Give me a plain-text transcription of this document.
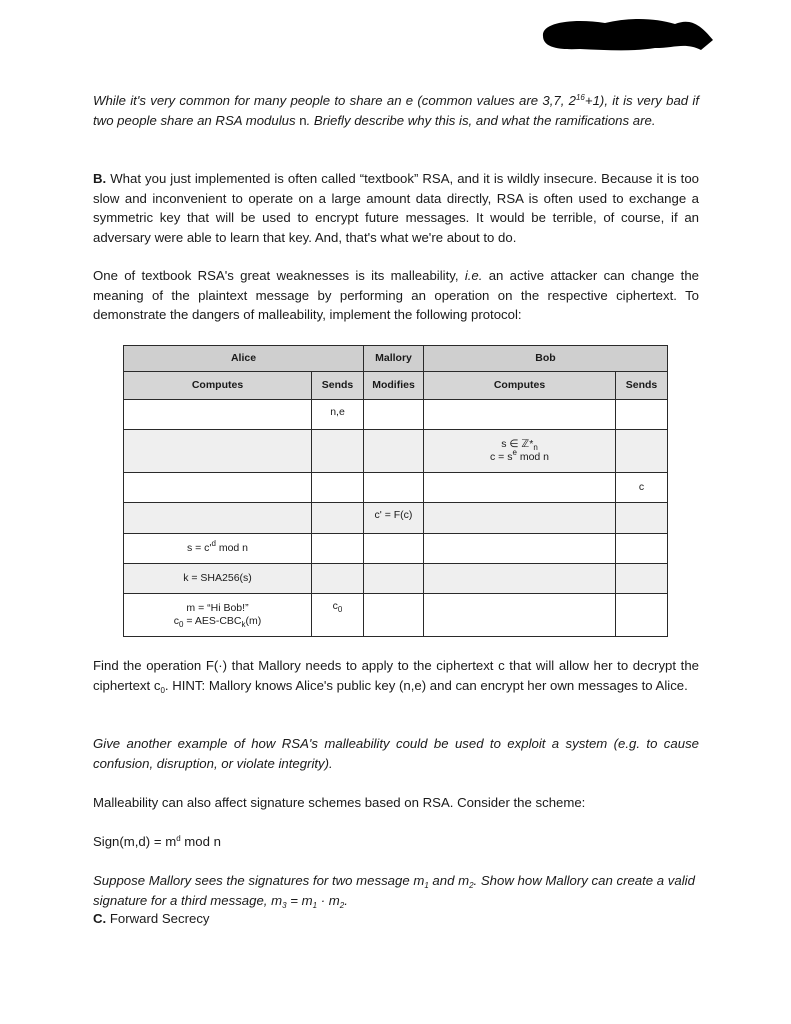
While it's very common for many people to share an e (common values are 3,7, $2^{16}+1$), it is very bad if two people share an RSA modulus n. Briefly describe why this is, and what the ramifications are.

B. What you just implemented is often called “textbook” RSA, and it is wildly insecure. Because it is too slow and inconvenient to operate on a large amount data directly, RSA is often used to exchange a symmetric key that will be used to encrypt future messages. It would be terrible, of course, if an adversary were able to learn that key. And, that's what we're about to do.

One of textbook RSA's great weaknesses is its malleability, i.e. an active attacker can change the meaning of the plaintext message by performing an operation on the respective ciphertext. To demonstrate the dangers of malleability, implement the following protocol:

Alice		Mallory	Bob	
Computes	Sends	Modifies	Computes	Sends
	n,e			

			s ∈ $ℤ*_n$
$c = s^e$ mod n	

				c
		c' = F(c)		
$s = c'^d$ mod n				
k = SHA256(s)				

m = “Hi Bob!”
$c_0 = AES-CBC_k(m)$	$c_0$			

Find the operation F(·) that Mallory needs to apply to the ciphertext c that will allow her to decrypt the ciphertext $c_0$. HINT: Mallory knows Alice's public key (n,e) and can encrypt her own messages to Alice.

Give another example of how RSA's malleability could be used to exploit a system (e.g. to cause confusion, disruption, or violate integrity).

Malleability can also affect signature schemes based on RSA. Consider the scheme:

Sign(m,d) = $m^d$ mod n

Suppose Mallory sees the signatures for two message $m_1$ and $m_2$. Show how Mallory can create a valid signature for a third message, $m_3 = m_1 \cdot m_2$.

C. Forward Secrecy
